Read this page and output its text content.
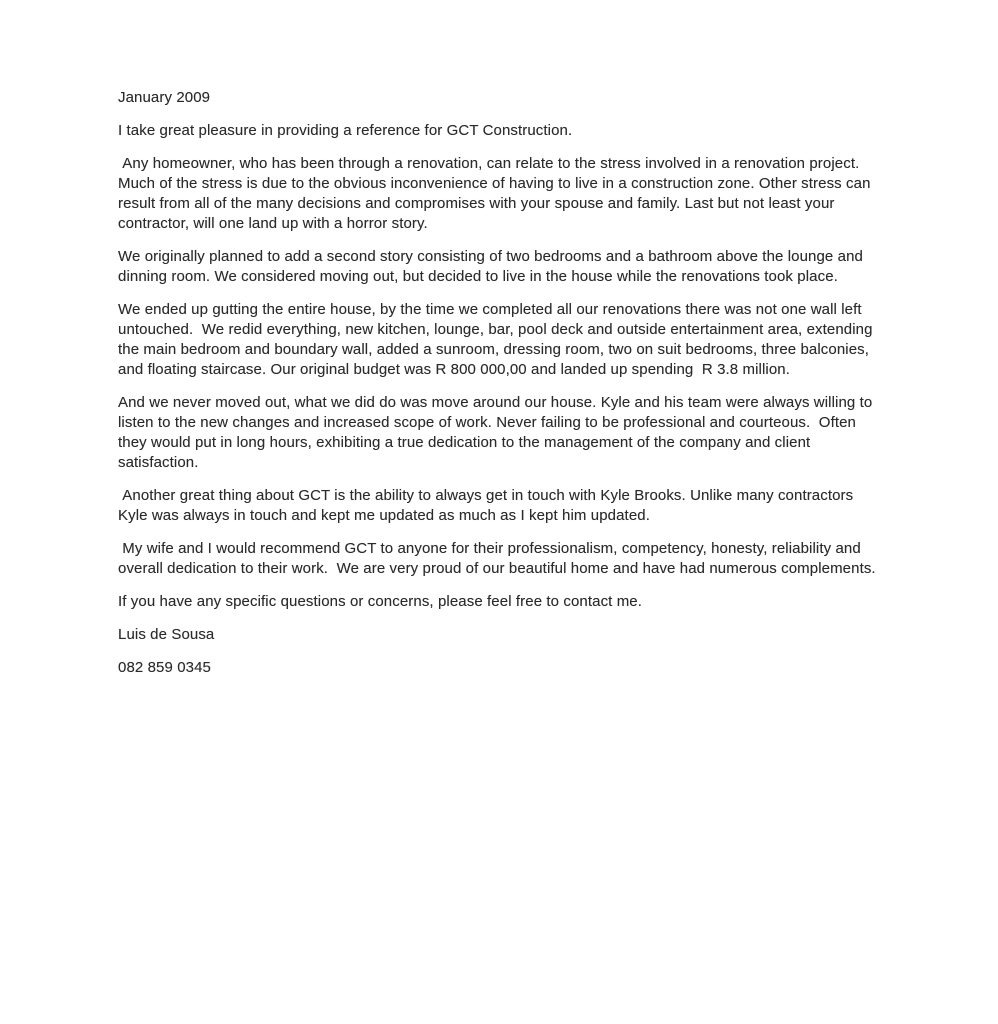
January 2009

I take great pleasure in providing a reference for GCT Construction.

Any homeowner, who has been through a renovation, can relate to the stress involved in a renovation project. Much of the stress is due to the obvious inconvenience of having to live in a construction zone. Other stress can result from all of the many decisions and compromises with your spouse and family. Last but not least your contractor, will one land up with a horror story.

We originally planned to add a second story consisting of two bedrooms and a bathroom above the lounge and dinning room. We considered moving out, but decided to live in the house while the renovations took place.

We ended up gutting the entire house, by the time we completed all our renovations there was not one wall left untouched.  We redid everything, new kitchen, lounge, bar, pool deck and outside entertainment area, extending the main bedroom and boundary wall, added a sunroom, dressing room, two on suit bedrooms, three balconies, and floating staircase. Our original budget was R 800 000,00 and landed up spending  R 3.8 million.

And we never moved out, what we did do was move around our house. Kyle and his team were always willing to listen to the new changes and increased scope of work. Never failing to be professional and courteous.  Often they would put in long hours, exhibiting a true dedication to the management of the company and client satisfaction.

Another great thing about GCT is the ability to always get in touch with Kyle Brooks. Unlike many contractors Kyle was always in touch and kept me updated as much as I kept him updated.

My wife and I would recommend GCT to anyone for their professionalism, competency, honesty, reliability and overall dedication to their work.  We are very proud of our beautiful home and have had numerous complements.

If you have any specific questions or concerns, please feel free to contact me.

Luis de Sousa

082 859 0345
